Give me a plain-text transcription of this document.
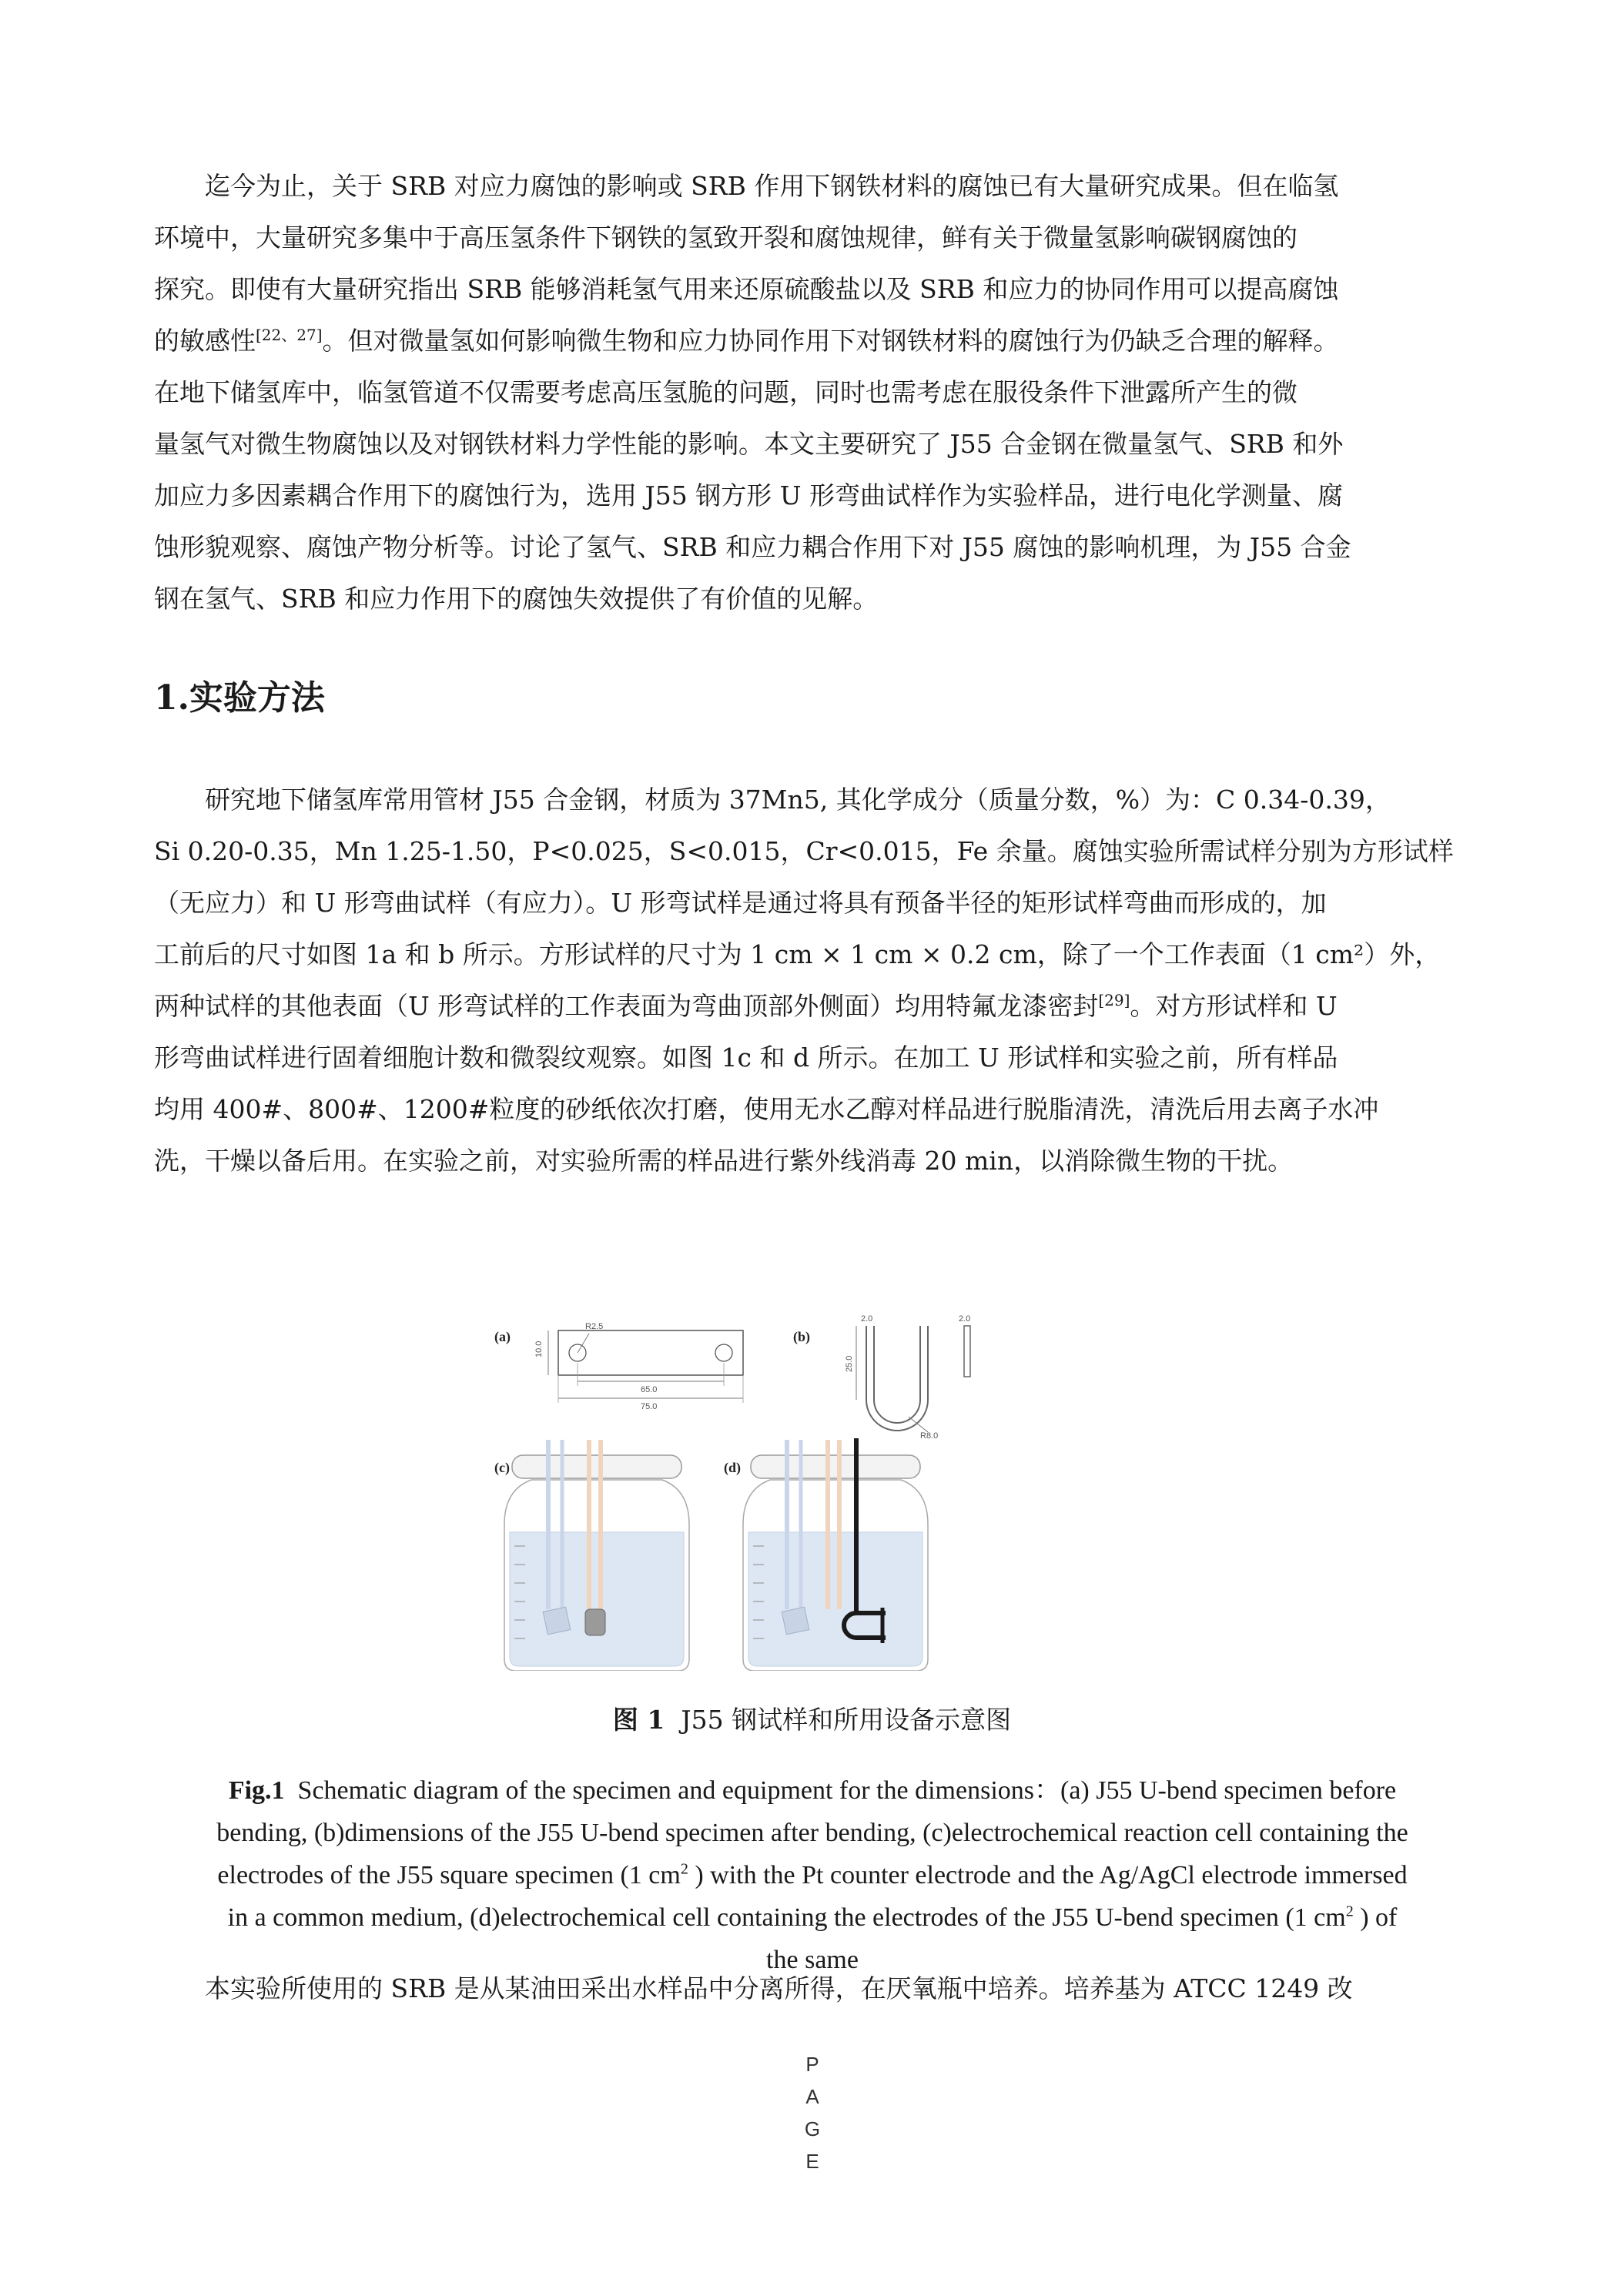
迄今为止，关于 SRB 对应力腐蚀的影响或 SRB 作用下钢铁材料的腐蚀已有大量研究成果。但在临氢
环境中，大量研究多集中于高压氢条件下钢铁的氢致开裂和腐蚀规律，鲜有关于微量氢影响碳钢腐蚀的
探究。即使有大量研究指出 SRB 能够消耗氢气用来还原硫酸盐以及 SRB 和应力的协同作用可以提高腐蚀
的敏感性[22、27]。但对微量氢如何影响微生物和应力协同作用下对钢铁材料的腐蚀行为仍缺乏合理的解释。
在地下储氢库中，临氢管道不仅需要考虑高压氢脆的问题，同时也需考虑在服役条件下泄露所产生的微
量氢气对微生物腐蚀以及对钢铁材料力学性能的影响。本文主要研究了 J55 合金钢在微量氢气、SRB 和外
加应力多因素耦合作用下的腐蚀行为，选用 J55 钢方形 U 形弯曲试样作为实验样品，进行电化学测量、腐
蚀形貌观察、腐蚀产物分析等。讨论了氢气、SRB 和应力耦合作用下对 J55 腐蚀的影响机理，为 J55 合金
钢在氢气、SRB 和应力作用下的腐蚀失效提供了有价值的见解。

1.实验方法

研究地下储氢库常用管材 J55 合金钢，材质为 37Mn5, 其化学成分（质量分数，%）为：C 0.34-0.39，
Si 0.20-0.35，Mn 1.25-1.50，P<0.025，S<0.015，Cr<0.015，Fe 余量。腐蚀实验所需试样分别为方形试样
（无应力）和 U 形弯曲试样（有应力）。U 形弯试样是通过将具有预备半径的矩形试样弯曲而形成的，加
工前后的尺寸如图 1a 和 b 所示。方形试样的尺寸为 1 cm × 1 cm × 0.2 cm，除了一个工作表面（1 cm²）外，
两种试样的其他表面（U 形弯试样的工作表面为弯曲顶部外侧面）均用特氟龙漆密封[29]。对方形试样和 U
形弯曲试样进行固着细胞计数和微裂纹观察。如图 1c 和 d 所示。在加工 U 形试样和实验之前，所有样品
均用 400#、800#、1200#粒度的砂纸依次打磨，使用无水乙醇对样品进行脱脂清洗，清洗后用去离子水冲
洗，干燥以备后用。在实验之前，对实验所需的样品进行紫外线消毒 20 min，以消除微生物的干扰。

(a)
R2.5
10.0
65.0
75.0
(b)
2.0	2.0
25.0
R8.0
(c)	(d)
图 1 J55 钢试样和所用设备示意图
Fig.1 Schematic diagram of the specimen and equipment for the dimensions：(a) J55 U-bend specimen before
bending, (b)dimensions of the J55 U-bend specimen after bending, (c)electrochemical reaction cell containing the
electrodes of the J55 square specimen (1 $cm^2$ ) with the Pt counter electrode and the Ag/AgCl electrode immersed
in a common medium, (d)electrochemical cell containing the electrodes of the J55 U-bend specimen (1 $cm^2$ ) of
the same

本实验所使用的 SRB 是从某油田采出水样品中分离所得，在厌氧瓶中培养。培养基为 ATCC 1249 改

P
A
G
E
